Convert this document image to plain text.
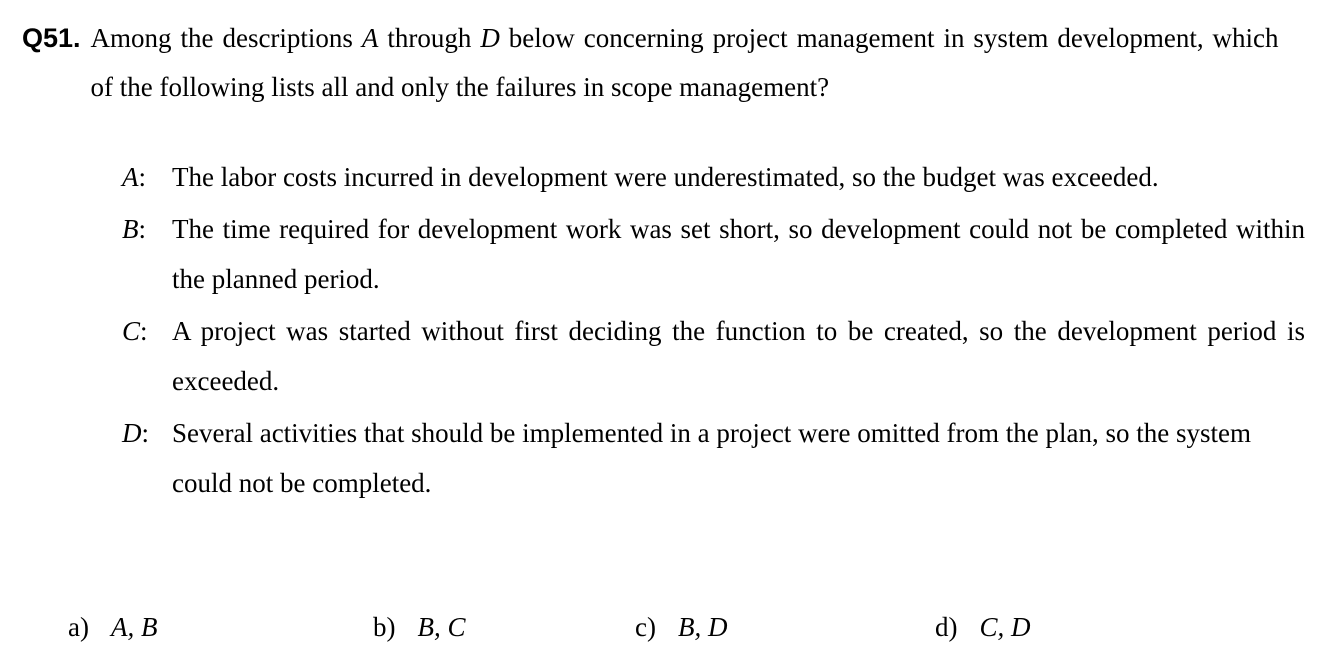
Q51. Among the descriptions A through D below concerning project management in system development, which of the following lists all and only the failures in scope management?
A: The labor costs incurred in development were underestimated, so the budget was exceeded.
B: The time required for development work was set short, so development could not be completed within the planned period.
C: A project was started without first deciding the function to be created, so the development period is exceeded.
D: Several activities that should be implemented in a project were omitted from the plan, so the system could not be completed.
a) A, B	b) B, C	c) B, D	d) C, D
